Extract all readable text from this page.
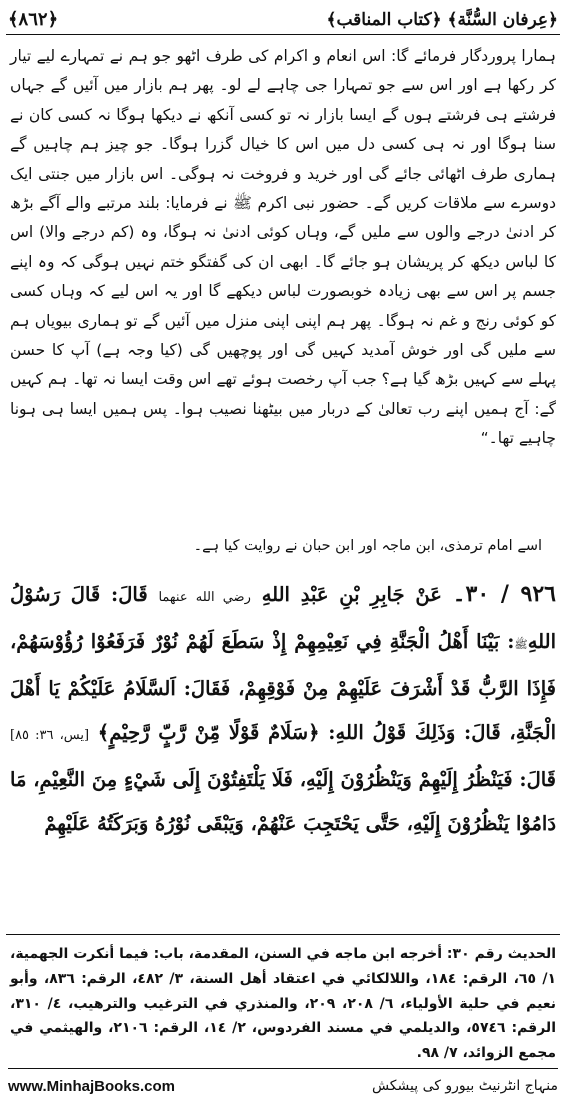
﴿٨٦٢﴾	﴿عِرفان السُّنَّة﴾ ﴿كتاب المناقب﴾
ہمارا پروردگار فرمائے گا: اس انعام و اکرام کی طرف اٹھو جو ہم نے تمہارے لیے تیار کر رکھا ہے اور اس سے جو تمہارا جی چاہے لے لو۔ پھر ہم بازار میں آئیں گے جہاں فرشتے ہی فرشتے ہوں گے ایسا بازار نہ تو کسی آنکھ نے دیکھا ہوگا نہ کسی کان نے سنا ہوگا اور نہ ہی کسی دل میں اس کا خیال گزرا ہوگا۔ جو چیز ہم چاہیں گے ہماری طرف اٹھائی جائے گی اور خرید و فروخت نہ ہوگی۔ اس بازار میں جنتی ایک دوسرے سے ملاقات کریں گے۔ حضور نبی اکرم ﷺ نے فرمایا: بلند مرتبے والے آگے بڑھ کر ادنیٰ درجے والوں سے ملیں گے، وہاں کوئی ادنیٰ نہ ہوگا، وہ (کم درجے والا) اس کا لباس دیکھ کر پریشان ہو جائے گا۔ ابھی ان کی گفتگو ختم نہیں ہوگی کہ وہ اپنے جسم پر اس سے بھی زیادہ خوبصورت لباس دیکھے گا اور یہ اس لیے کہ وہاں کسی کو کوئی رنج و غم نہ ہوگا۔ پھر ہم اپنی اپنی منزل میں آئیں گے تو ہماری بیویاں ہم سے ملیں گی اور خوش آمدید کہیں گی اور پوچھیں گی (کیا وجہ ہے) آپ کا حسن پہلے سے کہیں بڑھ گیا ہے؟ جب آپ رخصت ہوئے تھے اس وقت ایسا نہ تھا۔ ہم کہیں گے: آج ہمیں اپنے رب تعالیٰ کے دربار میں بیٹھنا نصیب ہوا۔ پس ہمیں ایسا ہی ہونا چاہیے تھا۔“
اسے امام ترمذی، ابن ماجہ اور ابن حبان نے روایت کیا ہے۔
٩٢٦ / ٣٠۔ عَنْ جَابِرِ بْنِ عَبْدِ اللهِ رضي الله عنهما قَالَ: قَالَ رَسُوْلُ اللهِﷺ: بَيْنَا أَهْلُ الْجَنَّةِ فِي نَعِيْمِهِمْ إِذْ سَطَعَ لَهُمْ نُوْرٌ فَرَفَعُوْا رُؤُوْسَهُمْ، فَإِذَا الرَّبُّ قَدْ أَشْرَفَ عَلَيْهِمْ مِنْ فَوْقِهِمْ، فَقَالَ: اَلسَّلَامُ عَلَيْكُمْ يَا أَهْلَ الْجَنَّةِ، قَالَ: وَذَلِكَ قَوْلُ اللهِ: ﴿سَلَامٌ قَوْلًا مِّنْ رَّبٍّ رَّحِيْمٍ﴾ [يس، ٣٦: ٨٥] قَالَ: فَيَنْظُرُ إِلَيْهِمْ وَيَنْظُرُوْنَ إِلَيْهِ، فَلَا يَلْتَفِتُوْنَ إِلَى شَيْءٍ مِنَ النَّعِيْمِ، مَا دَامُوْا يَنْظُرُوْنَ إِلَيْهِ، حَتَّى يَحْتَجِبَ عَنْهُمْ، وَيَبْقَى نُوْرُهُ وَبَرَكَتُهُ عَلَيْهِمْ
الحديث رقم ٣٠: أخرجه ابن ماجه في السنن، المقدمة، باب: فيما أنكرت الجهمية، ١/ ٦٥، الرقم: ١٨٤، واللالكائي في اعتقاد أهل السنة، ٣/ ٤٨٢، الرقم: ٨٣٦، وأبو نعيم في حلية الأولياء، ٦/ ٢٠٨، ٢٠٩، والمنذري في الترغيب والترهيب، ٤/ ٣١٠، الرقم: ٥٧٤٦، والديلمي في مسند الفردوس، ٢/ ١٤، الرقم: ٢١٠٦، والهيثمي في مجمع الزوائد، ٧/ ٩٨.
www.MinhajBooks.com	منہاج انٹرنیٹ بیورو کی پیشکش
